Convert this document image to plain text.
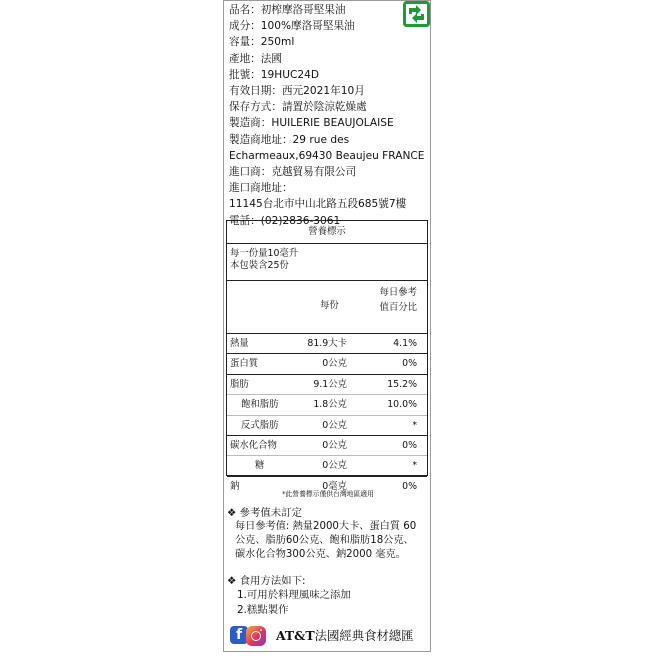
品名：初榨摩洛哥堅果油
成分：100%摩洛哥堅果油
容量：250ml
產地：法國
批號：19HUC24D
有效日期：西元2021年10月
保存方式：請置於陰涼乾燥處
製造商：HUILERIE BEAUJOLAISE
製造商地址：29 rue des
Echarmeaux,69430 Beaujeu FRANCE
進口商：克越貿易有限公司
進口商地址：
11145台北市中山北路五段685號7樓
電話：(02)2836-3061
營養標示
每一份量10毫升
本包裝含25份
每份
每日參考
值百分比
熱量	81.9大卡	4.1%
蛋白質	0公克	0%
脂肪	9.1公克	15.2%
飽和脂肪	1.8公克	10.0%
反式脂肪	0公克	*
碳水化合物	0公克	0%
糖	0公克	*
鈉	0毫克	0%
*此營養標示僅供台灣地區適用
❖ 參考值未訂定
每日參考值: 熱量2000大卡、蛋白質 60
公克、脂肪60公克、飽和脂肪18公克、
碳水化合物300公克、鈉2000 毫克。
❖ 食用方法如下:
1.可用於料理風味之添加
2.糕點製作
f	AT&T法國經典食材總匯
